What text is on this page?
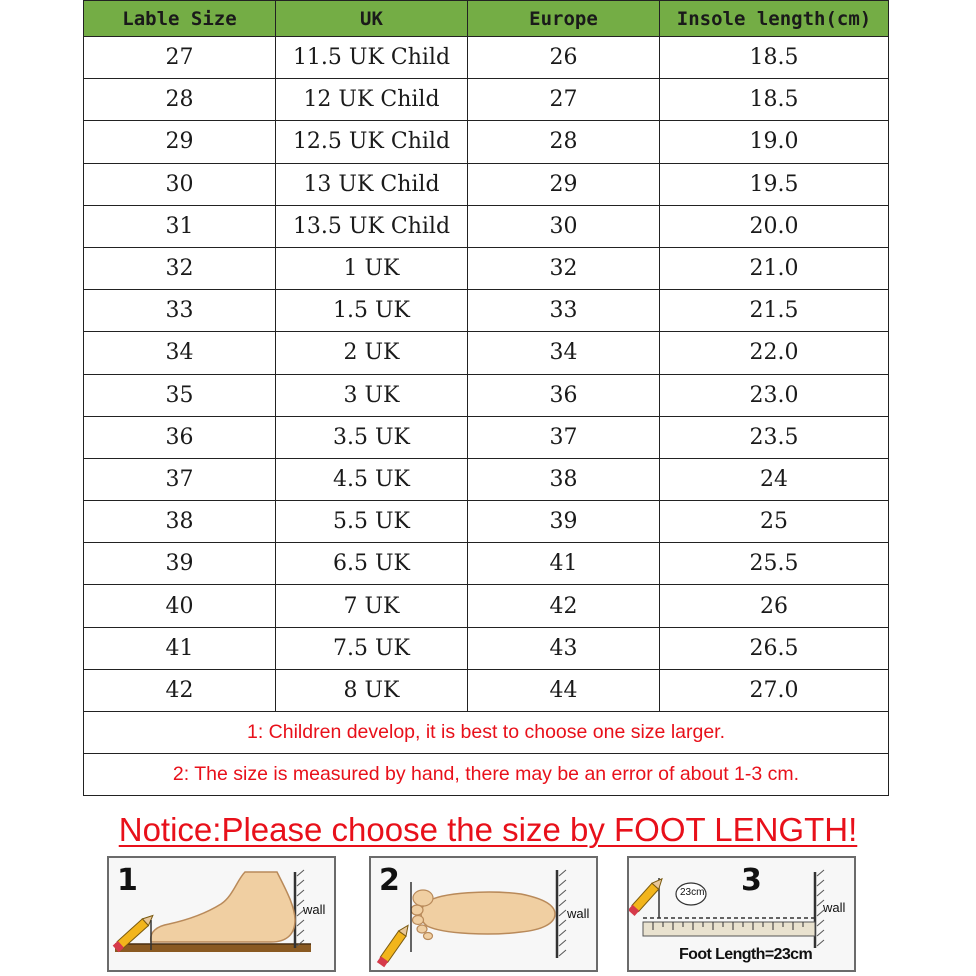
Lable Size	UK	Europe	Insole length(cm)
27	11.5 UK Child	26	18.5
28	12 UK Child	27	18.5
29	12.5 UK Child	28	19.0
30	13 UK Child	29	19.5
31	13.5 UK Child	30	20.0
32	1 UK	32	21.0
33	1.5 UK	33	21.5
34	2 UK	34	22.0
35	3 UK	36	23.0
36	3.5 UK	37	23.5
37	4.5 UK	38	24
38	5.5 UK	39	25
39	6.5 UK	41	25.5
40	7 UK	42	26
41	7.5 UK	43	26.5
42	8 UK	44	27.0
1: Children develop, it is best to choose one size larger.			
2: The size is measured by hand, there may be an error of about 1-3 cm.			
Notice:Please choose the size by FOOT LENGTH!
1
wall
2
wall
3
23cm
wall
Foot Length=23cm
